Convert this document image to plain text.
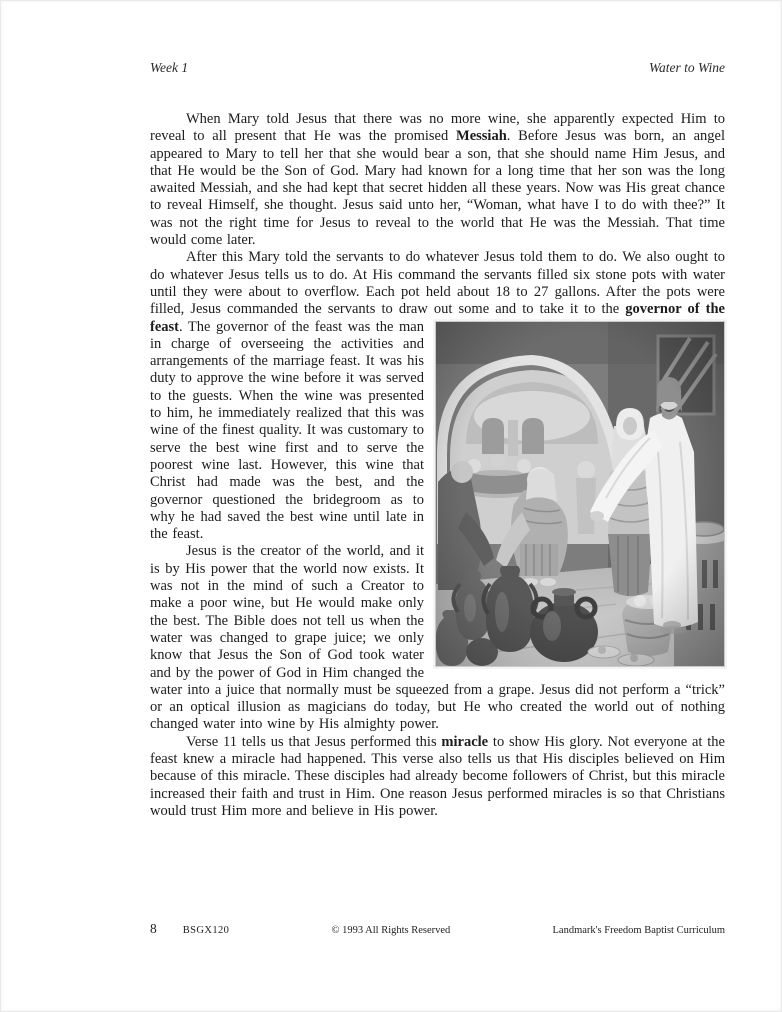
Week 1	Water to Wine

When Mary told Jesus that there was no more wine, she apparently expected Him to reveal to all present that He was the promised Messiah. Before Jesus was born, an angel appeared to Mary to tell her that she would bear a son, that she should name Him Jesus, and that He would be the Son of God. Mary had known for a long time that her son was the long awaited Messiah, and she had kept that secret hidden all these years. Now was His great chance to reveal Himself, she thought. Jesus said unto her, “Woman, what have I to do with thee?” It was not the right time for Jesus to reveal to the world that He was the Messiah. That time would come later.

After this Mary told the servants to do whatever Jesus told them to do. We also ought to do whatever Jesus tells us to do. At His command the servants filled six stone pots with water until they were about to overflow. Each pot held about 18 to 27 gallons. After the pots were filled, Jesus commanded the servants to draw out some and to take it to the
governor of the feast. The governor of the feast was the man in charge of overseeing the activities and arrangements of the marriage feast. It was his duty to approve the wine before it was served to the guests. When the wine was presented to him, he immediately realized that this was wine of the finest quality. It was customary to serve the best wine first and to serve the poorest wine last. However, this wine that Christ had made was the best, and the governor questioned the bridegroom as to why he had saved the best wine until late in the feast.

Jesus is the creator of the world, and it is by His power that the world now exists. It was not in the mind of such a Creator to make a poor wine, but He would make only the best. The Bible does not tell us when the water was changed to grape juice; we only know that Jesus the Son of God took water and by the power of God in Him changed the water into a juice that normally must be squeezed from a grape. Jesus did not perform a “trick” or an optical illusion as magicians do today, but He who created the world out of nothing changed water into wine by His almighty power.

Verse 11 tells us that Jesus performed this miracle to show His glory. Not everyone at the feast knew a miracle had happened. This verse also tells us that His disciples believed on Him because of this miracle. These disciples had already become followers of Christ, but this miracle increased their faith and trust in Him. One reason Jesus performed miracles is so that Christians would trust Him more and believe in His power.

8 BSGX120	© 1993 All Rights Reserved	Landmark's Freedom Baptist Curriculum
